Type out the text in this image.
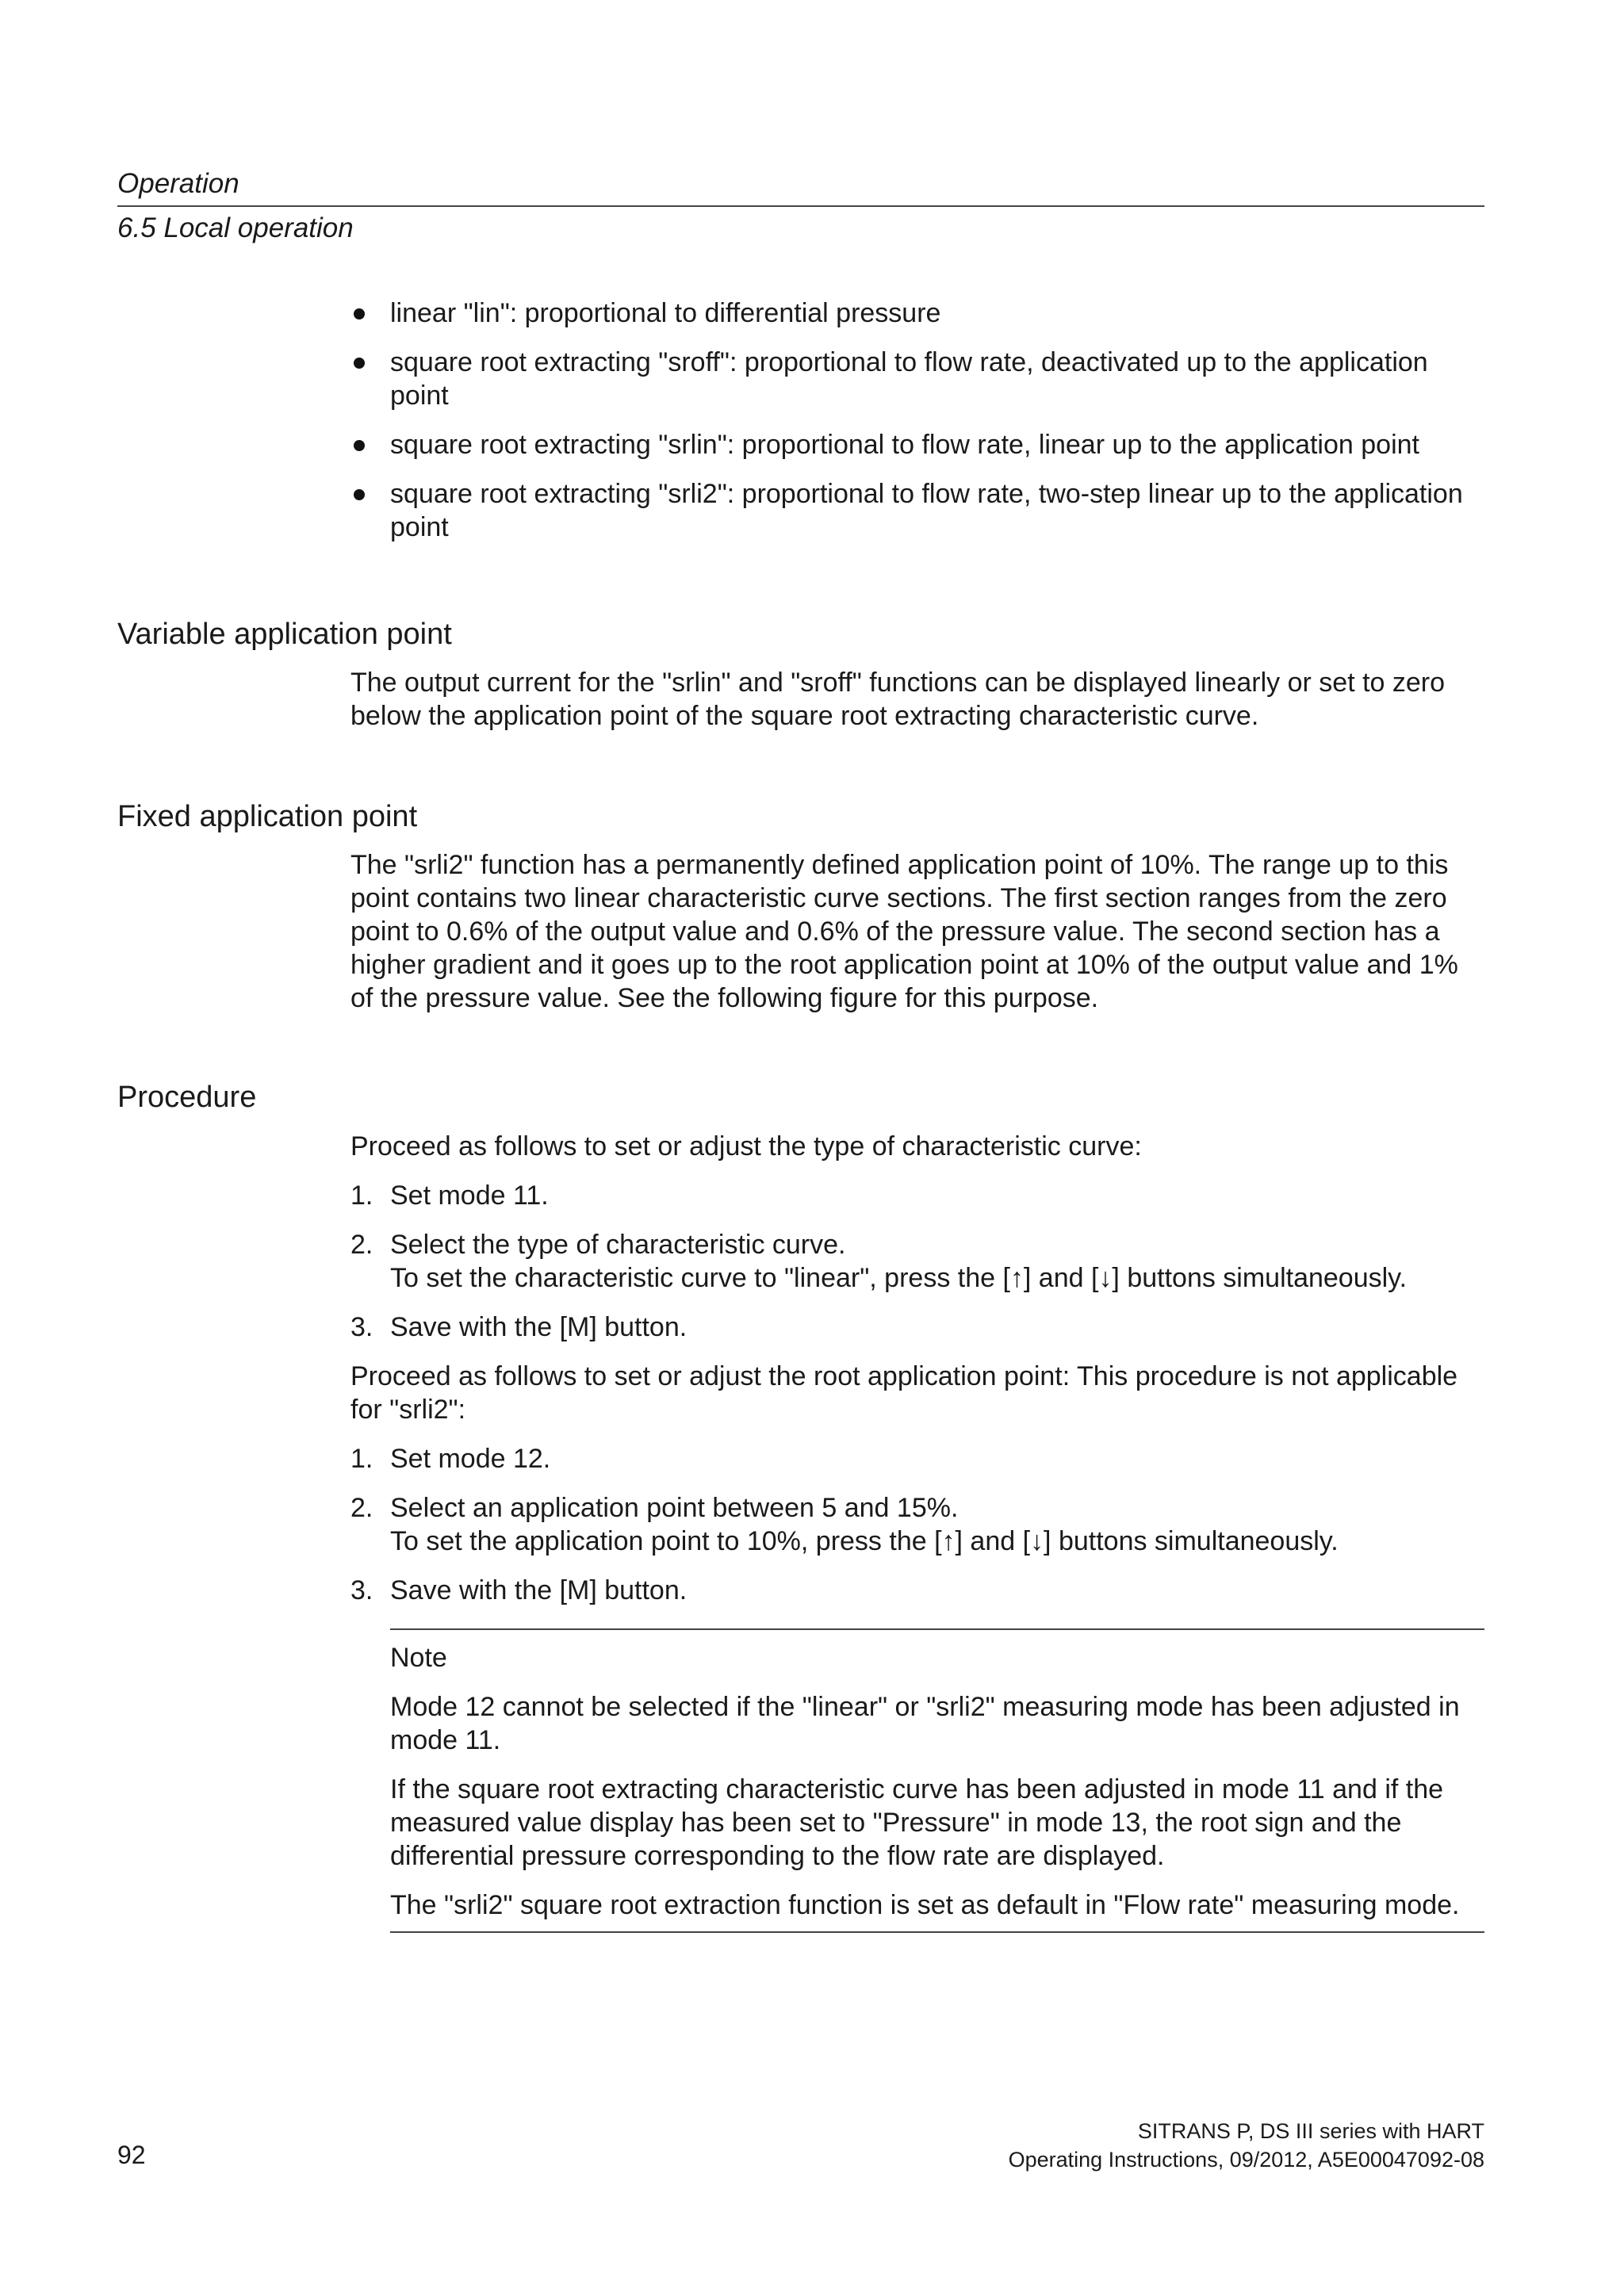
Operation
6.5 Local operation
linear "lin": proportional to differential pressure
square root extracting "sroff": proportional to flow rate, deactivated up to the application point
square root extracting "srlin": proportional to flow rate, linear up to the application point
square root extracting "srli2": proportional to flow rate, two-step linear up to the application point
Variable application point

The output current for the "srlin" and "sroff" functions can be displayed linearly or set to zero below the application point of the square root extracting characteristic curve.

Fixed application point

The "srli2" function has a permanently defined application point of 10%. The range up to this point contains two linear characteristic curve sections. The first section ranges from the zero point to 0.6% of the output value and 0.6% of the pressure value. The second section has a higher gradient and it goes up to the root application point at 10% of the output value and 1% of the pressure value. See the following figure for this purpose.

Procedure

Proceed as follows to set or adjust the type of characteristic curve:

1. Set mode 11.
2. Select the type of characteristic curve.
To set the characteristic curve to "linear", press the [↑] and [↓] buttons simultaneously.
3. Save with the [M] button.

Proceed as follows to set or adjust the root application point: This procedure is not applicable for "srli2":

1. Set mode 12.
2. Select an application point between 5 and 15%.
To set the application point to 10%, press the [↑] and [↓] buttons simultaneously.
3. Save with the [M] button.

Note

Mode 12 cannot be selected if the "linear" or "srli2" measuring mode has been adjusted in mode 11.

If the square root extracting characteristic curve has been adjusted in mode 11 and if the measured value display has been set to "Pressure" in mode 13, the root sign and the differential pressure corresponding to the flow rate are displayed.

The "srli2" square root extraction function is set as default in "Flow rate" measuring mode.

92
SITRANS P, DS III series with HART
Operating Instructions, 09/2012, A5E00047092-08
